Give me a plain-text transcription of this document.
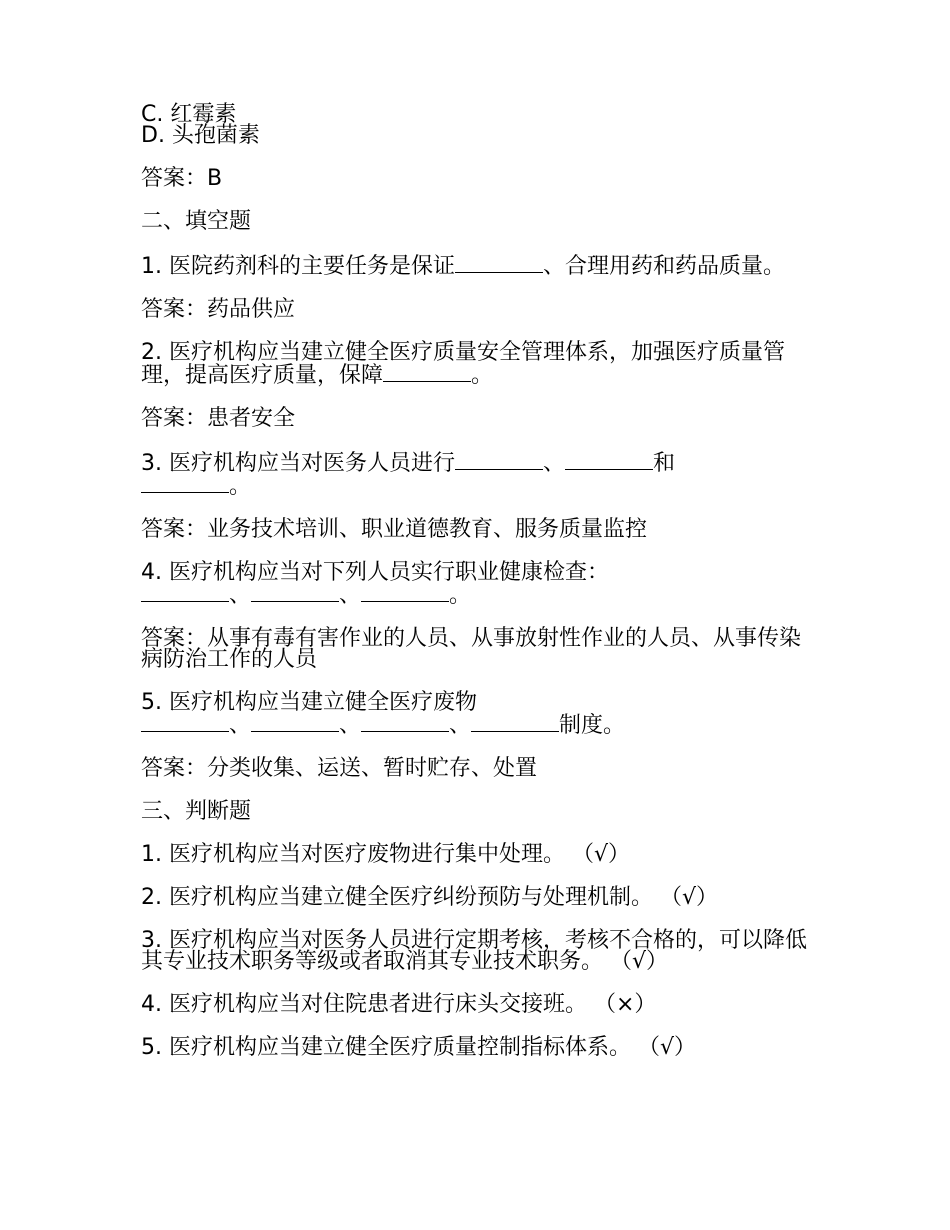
C. 红霉素
D. 头孢菌素
答案：B
二、填空题
1. 医院药剂科的主要任务是保证	、合理用药和药品质量。
答案：药品供应
2. 医疗机构应当建立健全医疗质量安全管理体系，加强医疗质量管理，提高医疗质量，保障	。
答案：患者安全
3. 医疗机构应当对医务人员进行	、	和
。
答案：业务技术培训、职业道德教育、服务质量监控
4. 医疗机构应当对下列人员实行职业健康检查：
、	、	。
答案：从事有毒有害作业的人员、从事放射性作业的人员、从事传染病防治工作的人员
5. 医疗机构应当建立健全医疗废物
、	、	、	制度。
答案：分类收集、运送、暂时贮存、处置
三、判断题
1. 医疗机构应当对医疗废物进行集中处理。 （√）
2. 医疗机构应当建立健全医疗纠纷预防与处理机制。 （√）
3. 医疗机构应当对医务人员进行定期考核，考核不合格的，可以降低其专业技术职务等级或者取消其专业技术职务。 （√）
4. 医疗机构应当对住院患者进行床头交接班。 （×）
5. 医疗机构应当建立健全医疗质量控制指标体系。 （√）
